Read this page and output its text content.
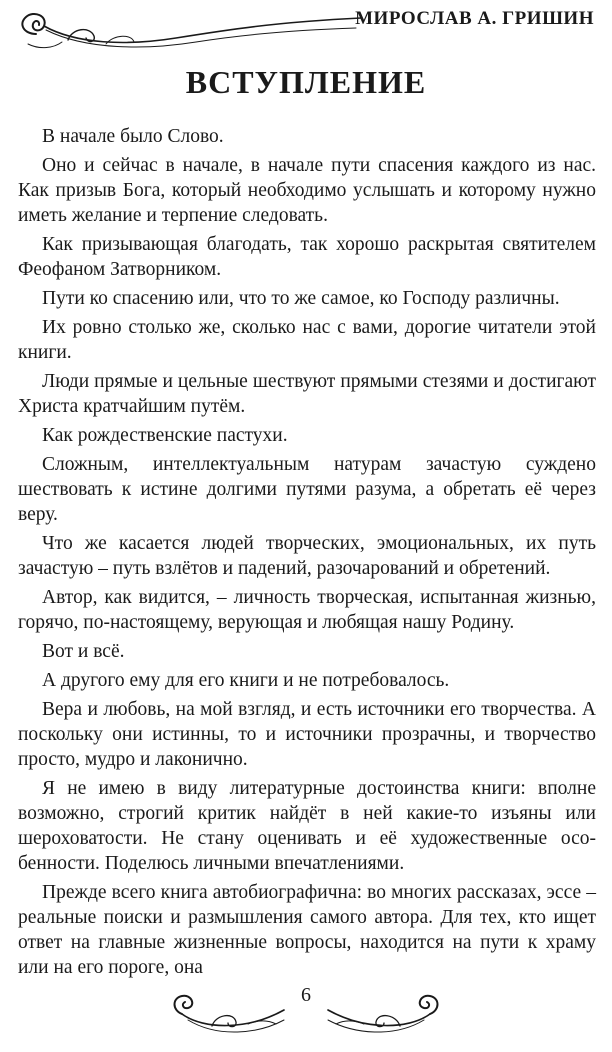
МИРОСЛАВ А. ГРИШИН
ВСТУПЛЕНИЕ

В начале было Слово.

Оно и сейчас в начале, в начале пути спасения каждого из нас. Как призыв Бога, который необходимо услышать и которому нужно иметь желание и терпение следовать.

Как призывающая благодать, так хорошо раскрытая святителем Феофаном Затворником.

Пути ко спасению или, что то же самое, ко Господу различны.

Их ровно столько же, сколько нас с вами, дорогие читатели этой книги.

Люди прямые и цельные шествуют прямыми стезями и достигают Христа кратчайшим путём.

Как рождественские пастухи.

Сложным, интеллектуальным натурам зачастую суждено шествовать к истине долгими путями разума, а обретать её через веру.

Что же касается людей творческих, эмоциональных, их путь зачастую – путь взлётов и падений, разочарований и обретений.

Автор, как видится, – личность творческая, испытанная жизнью, горячо, по-настоящему, верующая и любящая нашу Родину.

Вот и всё.

А другого ему для его книги и не потребовалось.

Вера и любовь, на мой взгляд, и есть источники его творчества. А поскольку они истинны, то и источники прозрачны, и творчество просто, мудро и лаконично.

Я не имею в виду литературные достоинства книги: вполне возможно, строгий критик найдёт в ней какие-то изъяны или шероховатости. Не стану оценивать и её художественные особенности. Поделюсь личными впечатлениями.

Прежде всего книга автобиографична: во многих рассказах, эссе – реальные поиски и размышления самого автора. Для тех, кто ищет ответ на главные жизненные вопросы, находится на пути к храму или на его пороге, она

6
